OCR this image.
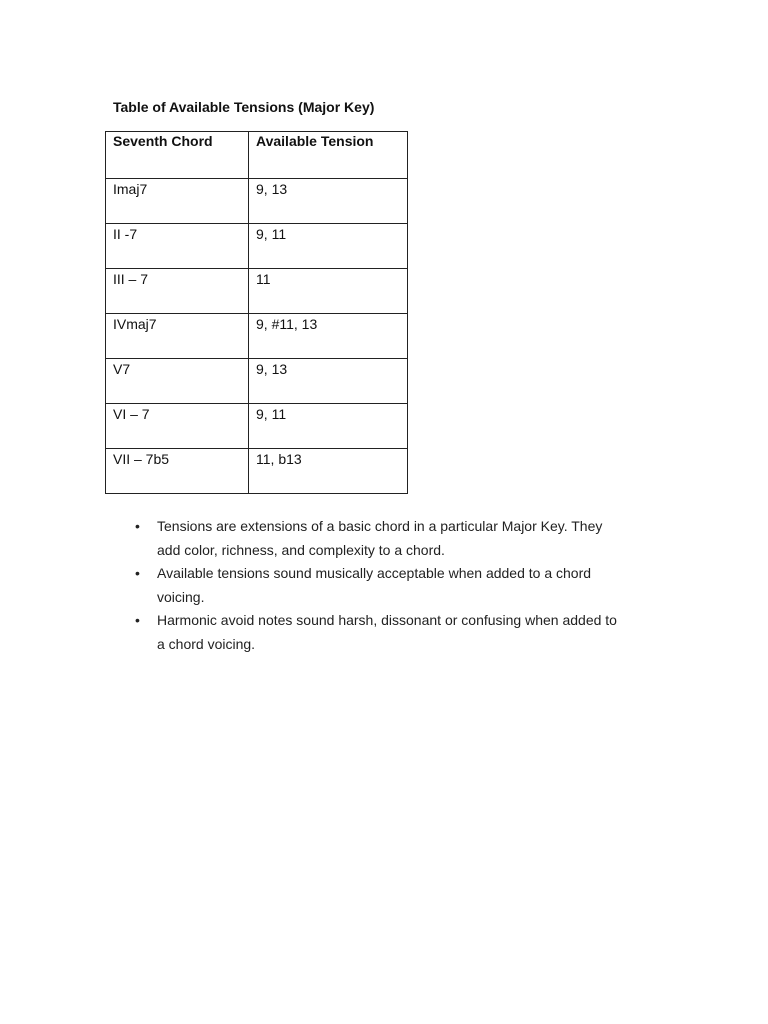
Table of Available Tensions (Major Key)
Seventh Chord	Available Tension

Imaj7	9, 13

II -7	9, 11

III – 7	11

IVmaj7	9, #11, 13

V7	9, 13

VI – 7	9, 11

VII – 7b5	11, b13
• Tensions are extensions of a basic chord in a particular Major Key. They
add color, richness, and complexity to a chord.
• Available tensions sound musically acceptable when added to a chord
voicing.
• Harmonic avoid notes sound harsh, dissonant or confusing when added to
a chord voicing.
